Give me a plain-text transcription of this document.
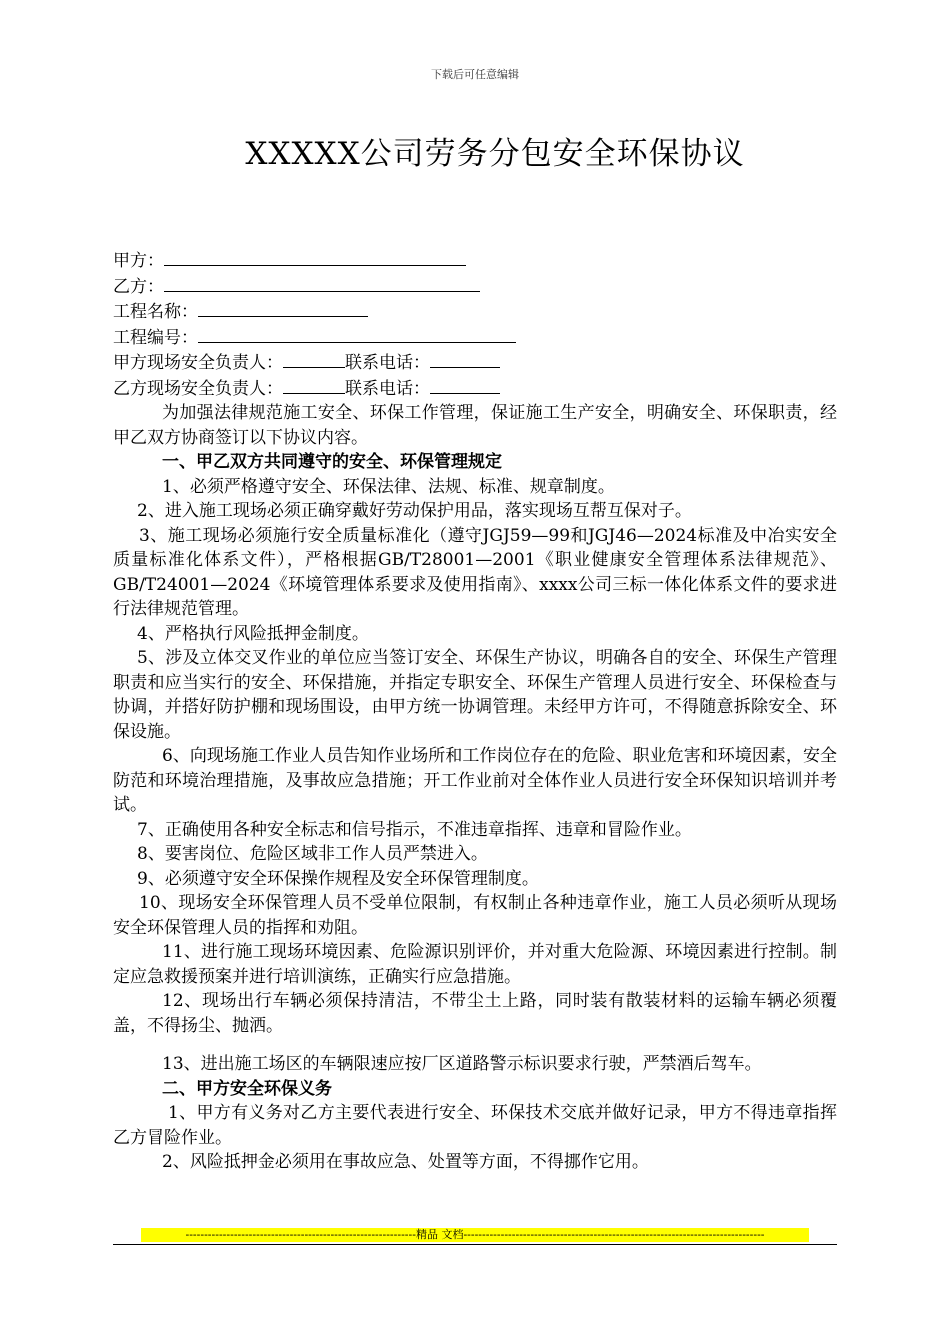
下载后可任意编辑
XXXXX公司劳务分包安全环保协议
甲方：
乙方：
工程名称：
工程编号：
甲方现场安全负责人：	联系电话：
乙方现场安全负责人：	联系电话：

为加强法律规范施工安全、环保工作管理，保证施工生产安全，明确安全、环保职责，经甲乙双方协商签订以下协议内容。

一、甲乙双方共同遵守的安全、环保管理规定

1、必须严格遵守安全、环保法律、法规、标准、规章制度。

2、进入施工现场必须正确穿戴好劳动保护用品，落实现场互帮互保对子。

3、施工现场必须施行安全质量标准化（遵守JGJ59—99和JGJ46—2024标准及中冶实安全质量标准化体系文件），严格根据GB/T28001—2001《职业健康安全管理体系法律规范》、GB/T24001—2024《环境管理体系要求及使用指南》、xxxx公司三标一体化体系文件的要求进行法律规范管理。

4、严格执行风险抵押金制度。

5、涉及立体交叉作业的单位应当签订安全、环保生产协议，明确各自的安全、环保生产管理职责和应当实行的安全、环保措施，并指定专职安全、环保生产管理人员进行安全、环保检查与协调，并搭好防护棚和现场围设，由甲方统一协调管理。未经甲方许可，不得随意拆除安全、环保设施。

6、向现场施工作业人员告知作业场所和工作岗位存在的危险、职业危害和环境因素，安全防范和环境治理措施，及事故应急措施；开工作业前对全体作业人员进行安全环保知识培训并考试。

7、正确使用各种安全标志和信号指示，不准违章指挥、违章和冒险作业。

8、要害岗位、危险区域非工作人员严禁进入。

9、必须遵守安全环保操作规程及安全环保管理制度。

10、现场安全环保管理人员不受单位限制，有权制止各种违章作业，施工人员必须听从现场安全环保管理人员的指挥和劝阻。

11、进行施工现场环境因素、危险源识别评价，并对重大危险源、环境因素进行控制。制定应急救援预案并进行培训演练，正确实行应急措施。

12、现场出行车辆必须保持清洁，不带尘土上路，同时装有散装材料的运输车辆必须覆盖，不得扬尘、抛洒。

13、进出施工场区的车辆限速应按厂区道路警示标识要求行驶，严禁酒后驾车。

二、甲方安全环保义务

1、甲方有义务对乙方主要代表进行安全、环保技术交底并做好记录，甲方不得违章指挥乙方冒险作业。

2、风险抵押金必须用在事故应急、处置等方面，不得挪作它用。

--------------------------------------------------------------精品 文档---------------------------------------------------------------------------------
